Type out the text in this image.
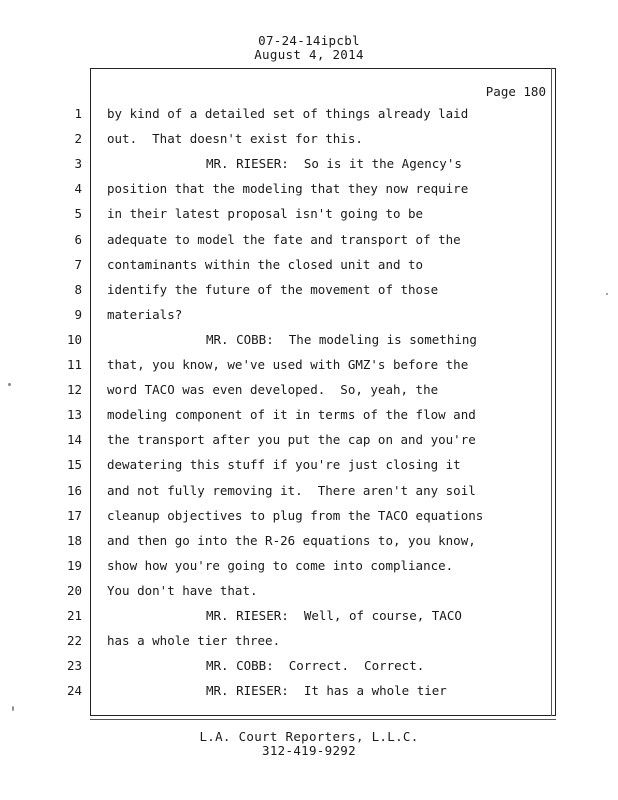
07-24-14ipcbl
August 4, 2014
Page 180
1 by kind of a detailed set of things already laid
2 out.  That doesn't exist for this.
3	MR. RIESER:  So is it the Agency's
4 position that the modeling that they now require
5 in their latest proposal isn't going to be
6 adequate to model the fate and transport of the
7 contaminants within the closed unit and to
8 identify the future of the movement of those
9 materials?
10	MR. COBB:  The modeling is something
11 that, you know, we've used with GMZ's before the
12 word TACO was even developed.  So, yeah, the
13 modeling component of it in terms of the flow and
14 the transport after you put the cap on and you're
15 dewatering this stuff if you're just closing it
16 and not fully removing it.  There aren't any soil
17 cleanup objectives to plug from the TACO equations
18 and then go into the R-26 equations to, you know,
19 show how you're going to come into compliance.
20 You don't have that.
21	MR. RIESER:  Well, of course, TACO
22 has a whole tier three.
23	MR. COBB:  Correct.  Correct.
24	MR. RIESER:  It has a whole tier
L.A. Court Reporters, L.L.C.
312-419-9292
